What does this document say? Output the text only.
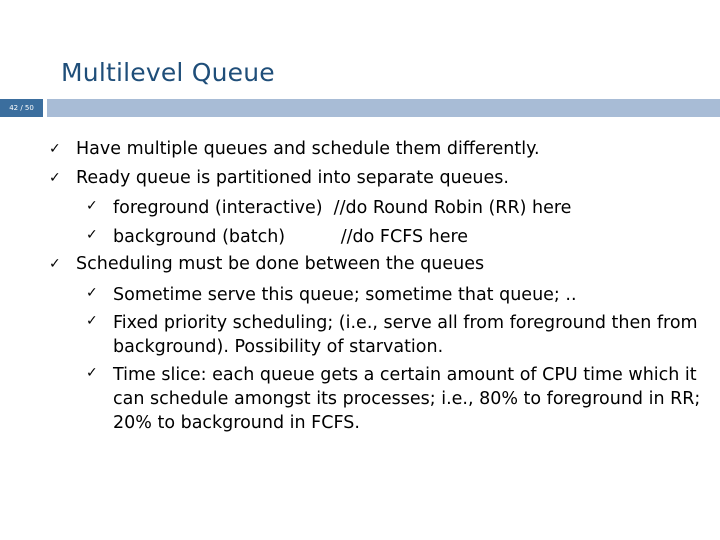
Multilevel Queue
42 / 50
✓ Have multiple queues and schedule them differently.
✓ Ready queue is partitioned into separate queues.
✓ foreground (interactive)  //do Round Robin (RR) here
✓ background (batch)          //do FCFS here
✓ Scheduling must be done between the queues
✓ Sometime serve this queue; sometime that queue; ..
✓ Fixed priority scheduling; (i.e., serve all from foreground then from
background). Possibility of starvation.
✓ Time slice: each queue gets a certain amount of CPU time which it
can schedule amongst its processes; i.e., 80% to foreground in RR;
20% to background in FCFS.
